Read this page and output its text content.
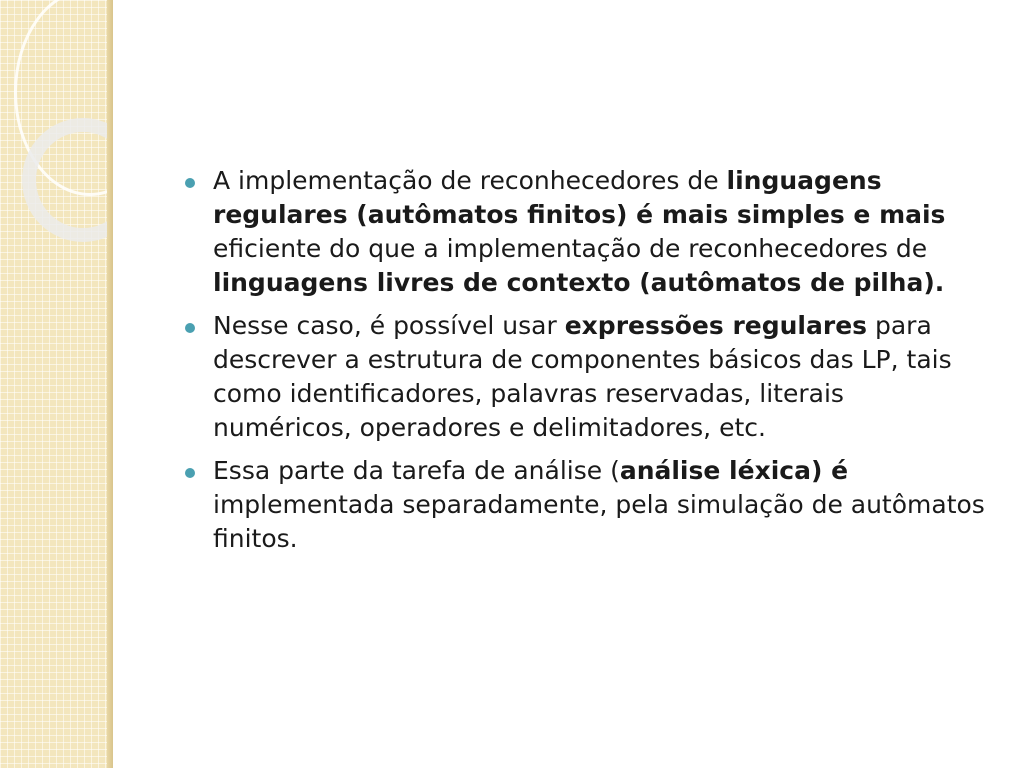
A implementação de reconhecedores de linguagens regulares (autômatos finitos) é mais simples e mais eficiente do que a implementação de reconhecedores de linguagens livres de contexto (autômatos de pilha).
Nesse caso, é possível usar expressões regulares para descrever a estrutura de componentes básicos das LP, tais como identificadores, palavras reservadas, literais numéricos, operadores e delimitadores, etc.
Essa parte da tarefa de análise (análise léxica) é implementada separadamente, pela simulação de autômatos finitos.
